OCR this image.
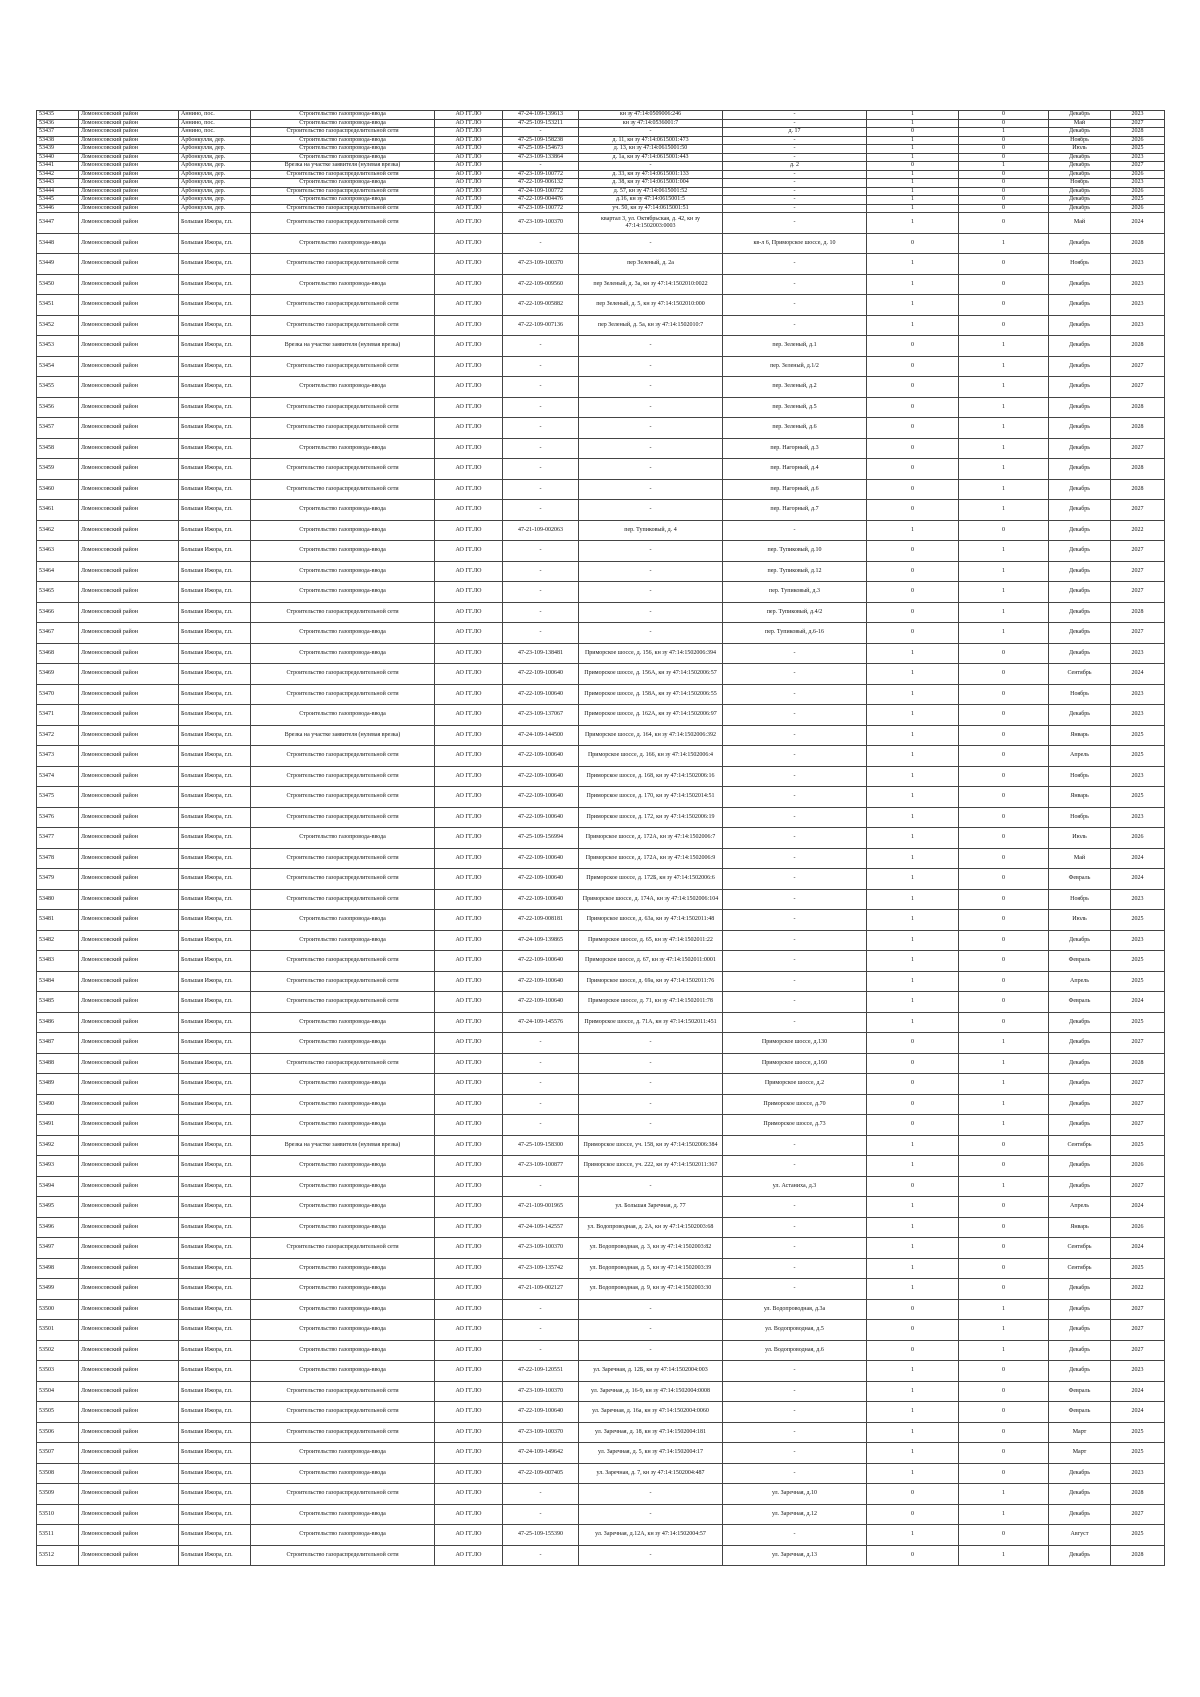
53435	Ломоносовский район	Аннино, пос.	Строительство газопровода-ввода	АО ГГ.ЛО	47-24-109-139613	кн зу 47:14:0509006:246	-	1	0	Декабрь	2023
53436	Ломоносовский район	Аннино, пос.	Строительство газопровода-ввода	АО ГГ.ЛО	47-25-109-153211	кн зу 47:14:0536001:7	-	1	0	Май	2027
53437	Ломоносовский район	Аннино, пос.	Строительство газораспределительной сети	АО ГГ.ЛО	-	-	д. 17	0	1	Декабрь	2028
53438	Ломоносовский район	Арбонкулля, дер.	Строительство газопровода-ввода	АО ГГ.ЛО	47-25-109-158238	д. 11, кн зу 47:14:0615001:473	-	1	0	Ноябрь	2026
53439	Ломоносовский район	Арбонкулля, дер.	Строительство газопровода-ввода	АО ГГ.ЛО	47-25-109-154673	д. 13, кн зу 47:14:0615001:50	-	1	0	Июль	2025
53440	Ломоносовский район	Арбонкулля, дер.	Строительство газопровода-ввода	АО ГГ.ЛО	47-23-109-133864	д. 1а, кн зу 47:14:0615001:443	-	1	0	Декабрь	2023
53441	Ломоносовский район	Арбонкулля, дер.	Врезка на участке заявителя (нулевая врезка)	АО ГГ.ЛО	-	-	д. 2	0	1	Декабрь	2027
53442	Ломоносовский район	Арбонкулля, дер.	Строительство газораспределительной сети	АО ГГ.ЛО	47-23-109-100772	д. 33, кн зу 47:14:0615001:133	-	1	0	Декабрь	2026
53443	Ломоносовский район	Арбонкулля, дер.	Строительство газопровода-ввода	АО ГГ.ЛО	47-22-109-006132	д. 38, кн зу 47:14:0615001:004	-	1	0	Ноябрь	2023
53444	Ломоносовский район	Арбонкулля, дер.	Строительство газораспределительной сети	АО ГГ.ЛО	47-24-109-100772	д. 57, кн зу 47:14:0615001:52	-	1	0	Декабрь	2026
53445	Ломоносовский район	Арбонкулля, дер.	Строительство газопровода-ввода	АО ГГ.ЛО	47-22-109-004476	д.16, кн зу 47:14:0615001:5	-	1	0	Декабрь	2025
53446	Ломоносовский район	Арбонкулля, дер.	Строительство газораспределительной сети	АО ГГ.ЛО	47-23-109-100772	уч. 50, кн зу 47:14:0615001:51	-	1	0	Декабрь	2026
53447	Ломоносовский район	Большая Ижора, г.п.	Строительство газораспределительной сети	АО ГГ.ЛО	47-23-109-100370	квартал 3, ул. Октябрьская, д. 42, кн зу 47:14:1502003:0003	-	1	0	Май	2024
53448	Ломоносовский район	Большая Ижора, г.п.	Строительство газопровода-ввода	АО ГГ.ЛО	-	-	кв-л 6, Приморское шоссе, д. 10	0	1	Декабрь	2028
53449	Ломоносовский район	Большая Ижора, г.п.	Строительство газораспределительной сети	АО ГГ.ЛО	47-23-109-100370	пер Зеленый, д. 2а	-	1	0	Ноябрь	2023
53450	Ломоносовский район	Большая Ижора, г.п.	Строительство газопровода-ввода	АО ГГ.ЛО	47-22-109-009560	пер Зеленый, д. 3а, кн зу 47:14:1502010:0022	-	1	0	Декабрь	2023
53451	Ломоносовский район	Большая Ижора, г.п.	Строительство газораспределительной сети	АО ГГ.ЛО	47-22-109-005882	пер Зеленый, д. 5, кн зу 47:14:1502010:000	-	1	0	Декабрь	2023
53452	Ломоносовский район	Большая Ижора, г.п.	Строительство газораспределительной сети	АО ГГ.ЛО	47-22-109-007136	пер Зеленый, д. 5а, кн зу 47:14:1502010:7	-	1	0	Декабрь	2023
53453	Ломоносовский район	Большая Ижора, г.п.	Врезка на участке заявителя (нулевая врезка)	АО ГГ.ЛО	-	-	пер. Зеленый, д.1	0	1	Декабрь	2028
53454	Ломоносовский район	Большая Ижора, г.п.	Строительство газораспределительной сети	АО ГГ.ЛО	-	-	пер. Зеленый, д.1/2	0	1	Декабрь	2027
53455	Ломоносовский район	Большая Ижора, г.п.	Строительство газопровода-ввода	АО ГГ.ЛО	-	-	пер. Зеленый, д.2	0	1	Декабрь	2027
53456	Ломоносовский район	Большая Ижора, г.п.	Строительство газораспределительной сети	АО ГГ.ЛО	-	-	пер. Зеленый, д.5	0	1	Декабрь	2028
53457	Ломоносовский район	Большая Ижора, г.п.	Строительство газораспределительной сети	АО ГГ.ЛО	-	-	пер. Зеленый, д.6	0	1	Декабрь	2028
53458	Ломоносовский район	Большая Ижора, г.п.	Строительство газопровода-ввода	АО ГГ.ЛО	-	-	пер. Нагорный, д.3	0	1	Декабрь	2027
53459	Ломоносовский район	Большая Ижора, г.п.	Строительство газораспределительной сети	АО ГГ.ЛО	-	-	пер. Нагорный, д.4	0	1	Декабрь	2028
53460	Ломоносовский район	Большая Ижора, г.п.	Строительство газораспределительной сети	АО ГГ.ЛО	-	-	пер. Нагорный, д.6	0	1	Декабрь	2028
53461	Ломоносовский район	Большая Ижора, г.п.	Строительство газопровода-ввода	АО ГГ.ЛО	-	-	пер. Нагорный, д.7	0	1	Декабрь	2027
53462	Ломоносовский район	Большая Ижора, г.п.	Строительство газопровода-ввода	АО ГГ.ЛО	47-21-109-002063	пер. Тупиковый, д. 4	-	1	0	Декабрь	2022
53463	Ломоносовский район	Большая Ижора, г.п.	Строительство газопровода-ввода	АО ГГ.ЛО	-	-	пер. Тупиковый, д.10	0	1	Декабрь	2027
53464	Ломоносовский район	Большая Ижора, г.п.	Строительство газопровода-ввода	АО ГГ.ЛО	-	-	пер. Тупиковый, д.12	0	1	Декабрь	2027
53465	Ломоносовский район	Большая Ижора, г.п.	Строительство газопровода-ввода	АО ГГ.ЛО	-	-	пер. Тупиковый, д.3	0	1	Декабрь	2027
53466	Ломоносовский район	Большая Ижора, г.п.	Строительство газораспределительной сети	АО ГГ.ЛО	-	-	пер. Тупиковый, д.4/2	0	1	Декабрь	2028
53467	Ломоносовский район	Большая Ижора, г.п.	Строительство газопровода-ввода	АО ГГ.ЛО	-	-	пер. Тупиковый, д.6-16	0	1	Декабрь	2027
53468	Ломоносовский район	Большая Ижора, г.п.	Строительство газопровода-ввода	АО ГГ.ЛО	47-23-109-138481	Приморское шоссе, д. 156, кн зу 47:14:1502006:394	-	1	0	Декабрь	2023
53469	Ломоносовский район	Большая Ижора, г.п.	Строительство газораспределительной сети	АО ГГ.ЛО	47-22-109-100640	Приморское шоссе, д. 156А, кн зу 47:14:1502006:57	-	1	0	Сентябрь	2024
53470	Ломоносовский район	Большая Ижора, г.п.	Строительство газораспределительной сети	АО ГГ.ЛО	47-22-109-100640	Приморское шоссе, д. 158А, кн зу 47:14:1502006:55	-	1	0	Ноябрь	2023
53471	Ломоносовский район	Большая Ижора, г.п.	Строительство газопровода-ввода	АО ГГ.ЛО	47-23-109-137067	Приморское шоссе, д. 162А, кн зу 47:14:1502006:97	-	1	0	Декабрь	2023
53472	Ломоносовский район	Большая Ижора, г.п.	Врезка на участке заявителя (нулевая врезка)	АО ГГ.ЛО	47-24-109-144500	Приморское шоссе, д. 164, кн зу 47:14:1502006:392	-	1	0	Январь	2025
53473	Ломоносовский район	Большая Ижора, г.п.	Строительство газораспределительной сети	АО ГГ.ЛО	47-22-109-100640	Приморское шоссе, д. 166, кн зу 47:14:1502006:4	-	1	0	Апрель	2025
53474	Ломоносовский район	Большая Ижора, г.п.	Строительство газораспределительной сети	АО ГГ.ЛО	47-22-109-100640	Приморское шоссе, д. 168, кн зу 47:14:1502006:16	-	1	0	Ноябрь	2023
53475	Ломоносовский район	Большая Ижора, г.п.	Строительство газораспределительной сети	АО ГГ.ЛО	47-22-109-100640	Приморское шоссе, д. 170, кн зу 47:14:1502014:51	-	1	0	Январь	2025
53476	Ломоносовский район	Большая Ижора, г.п.	Строительство газораспределительной сети	АО ГГ.ЛО	47-22-109-100640	Приморское шоссе, д. 172, кн зу 47:14:1502006:19	-	1	0	Ноябрь	2023
53477	Ломоносовский район	Большая Ижора, г.п.	Строительство газопровода-ввода	АО ГГ.ЛО	47-25-109-156994	Приморское шоссе, д. 172А, кн зу 47:14:1502006:7	-	1	0	Июль	2026
53478	Ломоносовский район	Большая Ижора, г.п.	Строительство газораспределительной сети	АО ГГ.ЛО	47-22-109-100640	Приморское шоссе, д. 172А, кн зу 47:14:1502006:9	-	1	0	Май	2024
53479	Ломоносовский район	Большая Ижора, г.п.	Строительство газораспределительной сети	АО ГГ.ЛО	47-22-109-100640	Приморское шоссе, д. 172Б, кн зу 47:14:1502006:6	-	1	0	Февраль	2024
53480	Ломоносовский район	Большая Ижора, г.п.	Строительство газораспределительной сети	АО ГГ.ЛО	47-22-109-100640	Приморское шоссе, д. 174А, кн зу 47:14:1502006:104	-	1	0	Ноябрь	2023
53481	Ломоносовский район	Большая Ижора, г.п.	Строительство газопровода-ввода	АО ГГ.ЛО	47-22-109-008181	Приморское шоссе, д. 63а, кн зу 47:14:1502011:48	-	1	0	Июль	2025
53482	Ломоносовский район	Большая Ижора, г.п.	Строительство газопровода-ввода	АО ГГ.ЛО	47-24-109-139865	Приморское шоссе, д. 65, кн зу 47:14:1502011:22	-	1	0	Декабрь	2023
53483	Ломоносовский район	Большая Ижора, г.п.	Строительство газораспределительной сети	АО ГГ.ЛО	47-22-109-100640	Приморское шоссе, д. 67, кн зу 47:14:1502011:0001	-	1	0	Февраль	2025
53484	Ломоносовский район	Большая Ижора, г.п.	Строительство газораспределительной сети	АО ГГ.ЛО	47-22-109-100640	Приморское шоссе, д. 69а, кн зу 47:14:1502011:76	-	1	0	Апрель	2025
53485	Ломоносовский район	Большая Ижора, г.п.	Строительство газораспределительной сети	АО ГГ.ЛО	47-22-109-100640	Приморское шоссе, д. 71, кн зу 47:14:1502011:78	-	1	0	Февраль	2024
53486	Ломоносовский район	Большая Ижора, г.п.	Строительство газопровода-ввода	АО ГГ.ЛО	47-24-109-145576	Приморское шоссе, д. 71А, кн зу 47:14:1502011:451	-	1	0	Декабрь	2025
53487	Ломоносовский район	Большая Ижора, г.п.	Строительство газопровода-ввода	АО ГГ.ЛО	-	-	Приморское шоссе, д.130	0	1	Декабрь	2027
53488	Ломоносовский район	Большая Ижора, г.п.	Строительство газораспределительной сети	АО ГГ.ЛО	-	-	Приморское шоссе, д.160	0	1	Декабрь	2028
53489	Ломоносовский район	Большая Ижора, г.п.	Строительство газопровода-ввода	АО ГГ.ЛО	-	-	Приморское шоссе, д.2	0	1	Декабрь	2027
53490	Ломоносовский район	Большая Ижора, г.п.	Строительство газопровода-ввода	АО ГГ.ЛО	-	-	Приморское шоссе, д.70	0	1	Декабрь	2027
53491	Ломоносовский район	Большая Ижора, г.п.	Строительство газопровода-ввода	АО ГГ.ЛО	-	-	Приморское шоссе, д.73	0	1	Декабрь	2027
53492	Ломоносовский район	Большая Ижора, г.п.	Врезка на участке заявителя (нулевая врезка)	АО ГГ.ЛО	47-25-109-158300	Приморское шоссе, уч. 158, кн зу 47:14:1502006:384	-	1	0	Сентябрь	2025
53493	Ломоносовский район	Большая Ижора, г.п.	Строительство газопровода-ввода	АО ГГ.ЛО	47-23-109-100877	Приморское шоссе, уч. 222, кн зу 47:14:1502011:367	-	1	0	Декабрь	2026
53494	Ломоносовский район	Большая Ижора, г.п.	Строительство газопровода-ввода	АО ГГ.ЛО	-	-	ул. Астаниха, д.3	0	1	Декабрь	2027
53495	Ломоносовский район	Большая Ижора, г.п.	Строительство газопровода-ввода	АО ГГ.ЛО	47-21-109-001965	ул. Большая Заречная, д. 77	-	1	0	Апрель	2024
53496	Ломоносовский район	Большая Ижора, г.п.	Строительство газопровода-ввода	АО ГГ.ЛО	47-24-109-142557	ул. Водопроводная, д. 2А, кн зу 47:14:1502003:68	-	1	0	Январь	2026
53497	Ломоносовский район	Большая Ижора, г.п.	Строительство газораспределительной сети	АО ГГ.ЛО	47-23-109-100370	ул. Водопроводная, д. 3, кн зу 47:14:1502003:82	-	1	0	Сентябрь	2024
53498	Ломоносовский район	Большая Ижора, г.п.	Строительство газопровода-ввода	АО ГГ.ЛО	47-23-109-135742	ул. Водопроводная, д. 5, кн зу 47:14:1502003:39	-	1	0	Сентябрь	2025
53499	Ломоносовский район	Большая Ижора, г.п.	Строительство газопровода-ввода	АО ГГ.ЛО	47-21-109-002127	ул. Водопроводная, д. 9, кн зу 47:14:1502003:30	-	1	0	Декабрь	2022
53500	Ломоносовский район	Большая Ижора, г.п.	Строительство газопровода-ввода	АО ГГ.ЛО	-	-	ул. Водопроводная, д.3а	0	1	Декабрь	2027
53501	Ломоносовский район	Большая Ижора, г.п.	Строительство газопровода-ввода	АО ГГ.ЛО	-	-	ул. Водопроводная, д.5	0	1	Декабрь	2027
53502	Ломоносовский район	Большая Ижора, г.п.	Строительство газопровода-ввода	АО ГГ.ЛО	-	-	ул. Водопроводная, д.6	0	1	Декабрь	2027
53503	Ломоносовский район	Большая Ижора, г.п.	Строительство газопровода-ввода	АО ГГ.ЛО	47-22-109-120551	ул. Заречная, д. 12Б, кн зу 47:14:1502004:003	-	1	0	Декабрь	2023
53504	Ломоносовский район	Большая Ижора, г.п.	Строительство газораспределительной сети	АО ГГ.ЛО	47-23-109-100370	ул. Заречная, д. 16-9, кн зу 47:14:1502004:0008	-	1	0	Февраль	2024
53505	Ломоносовский район	Большая Ижора, г.п.	Строительство газораспределительной сети	АО ГГ.ЛО	47-22-109-100640	ул. Заречная, д. 16а, кн зу 47:14:1502004:0060	-	1	0	Февраль	2024
53506	Ломоносовский район	Большая Ижора, г.п.	Строительство газораспределительной сети	АО ГГ.ЛО	47-23-109-100370	ул. Заречная, д. 18, кн зу 47:14:1502004:181	-	1	0	Март	2025
53507	Ломоносовский район	Большая Ижора, г.п.	Строительство газопровода-ввода	АО ГГ.ЛО	47-24-109-149642	ул. Заречная, д. 5, кн зу 47:14:1502004:17	-	1	0	Март	2025
53508	Ломоносовский район	Большая Ижора, г.п.	Строительство газопровода-ввода	АО ГГ.ЛО	47-22-109-007405	ул. Заречная, д. 7, кн зу 47:14:1502004:487	-	1	0	Декабрь	2023
53509	Ломоносовский район	Большая Ижора, г.п.	Строительство газораспределительной сети	АО ГГ.ЛО	-	-	ул. Заречная, д.10	0	1	Декабрь	2028
53510	Ломоносовский район	Большая Ижора, г.п.	Строительство газопровода-ввода	АО ГГ.ЛО	-	-	ул. Заречная, д.12	0	1	Декабрь	2027
53511	Ломоносовский район	Большая Ижора, г.п.	Строительство газопровода-ввода	АО ГГ.ЛО	47-25-109-155390	ул. Заречная, д.12А, кн зу 47:14:1502004:57	-	1	0	Август	2025
53512	Ломоносовский район	Большая Ижора, г.п.	Строительство газораспределительной сети	АО ГГ.ЛО	-	-	ул. Заречная, д.13	0	1	Декабрь	2028
